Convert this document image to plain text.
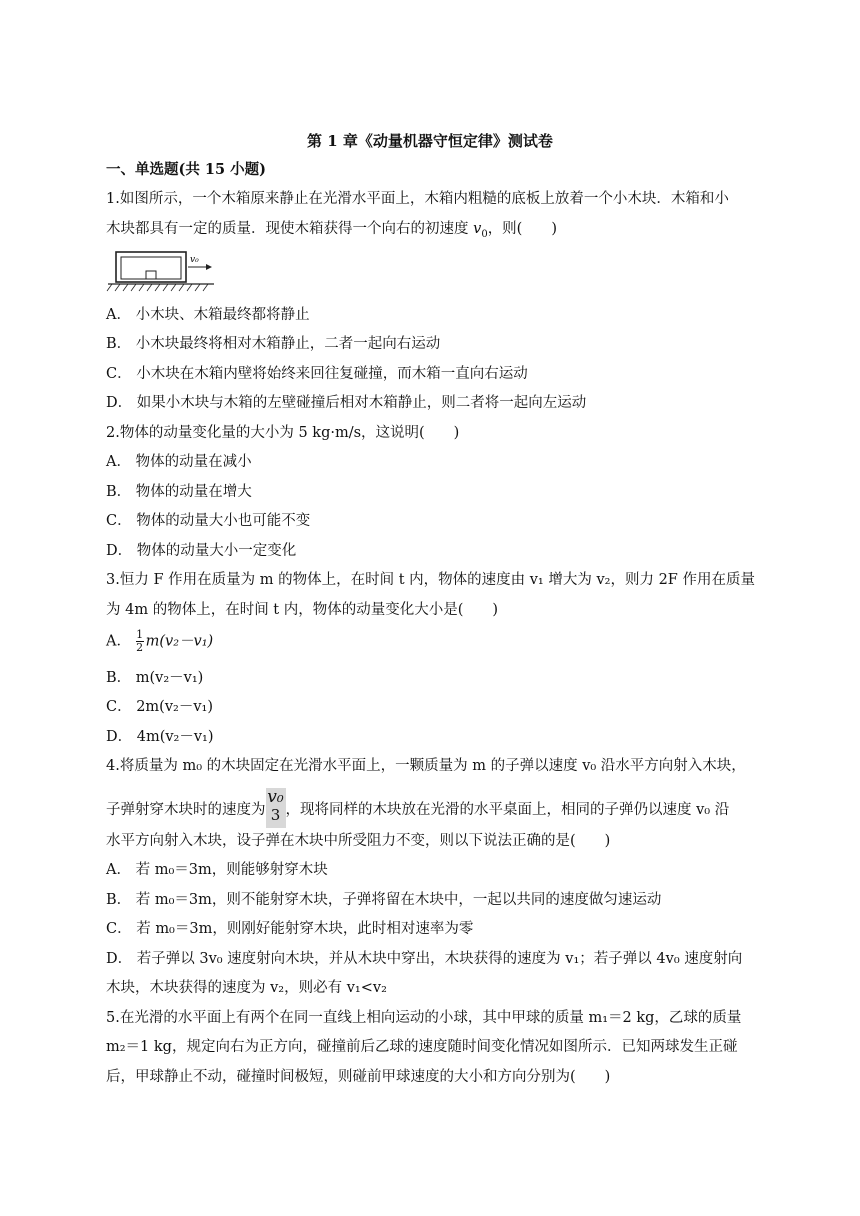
第 1 章《动量机器守恒定律》测试卷
一、单选题(共 15 小题)
1.如图所示，一个木箱原来静止在光滑水平面上，木箱内粗糙的底板上放着一个小木块．木箱和小
木块都具有一定的质量．现使木箱获得一个向右的初速度 $v_0$，则(　　)
v₀
A． 小木块、木箱最终都将静止
B． 小木块最终将相对木箱静止，二者一起向右运动
C． 小木块在木箱内壁将始终来回往复碰撞，而木箱一直向右运动
D． 如果小木块与木箱的左壁碰撞后相对木箱静止，则二者将一起向左运动
2.物体的动量变化量的大小为 5 kg·m/s，这说明(　　)
A． 物体的动量在减小
B． 物体的动量在增大
C． 物体的动量大小也可能不变
D． 物体的动量大小一定变化
3.恒力 F 作用在质量为 m 的物体上，在时间 t 内，物体的速度由 v₁ 增大为 v₂，则力 2F 作用在质量
为 4m 的物体上，在时间 t 内，物体的动量变化大小是(　　)
A． $\frac{1}{2} m(v_2-v_1)$
B． m(v₂－v₁)
C． 2m(v₂－v₁)
D． 4m(v₂－v₁)
4.将质量为 m₀ 的木块固定在光滑水平面上，一颗质量为 m 的子弹以速度 v₀ 沿水平方向射入木块，
子弹射穿木块时的速度为
v₀
3 ，现将同样的木块放在光滑的水平桌面上，相同的子弹仍以速度 v₀ 沿
水平方向射入木块，设子弹在木块中所受阻力不变，则以下说法正确的是(　　)
A． 若 m₀＝3m，则能够射穿木块
B． 若 m₀＝3m，则不能射穿木块，子弹将留在木块中，一起以共同的速度做匀速运动
C． 若 m₀＝3m，则刚好能射穿木块，此时相对速率为零
D． 若子弹以 3v₀ 速度射向木块，并从木块中穿出，木块获得的速度为 v₁；若子弹以 4v₀ 速度射向
木块，木块获得的速度为 v₂，则必有 v₁<v₂
5.在光滑的水平面上有两个在同一直线上相向运动的小球，其中甲球的质量 m₁＝2 kg，乙球的质量
m₂＝1 kg，规定向右为正方向，碰撞前后乙球的速度随时间变化情况如图所示．已知两球发生正碰
后，甲球静止不动，碰撞时间极短，则碰前甲球速度的大小和方向分别为(　　)
